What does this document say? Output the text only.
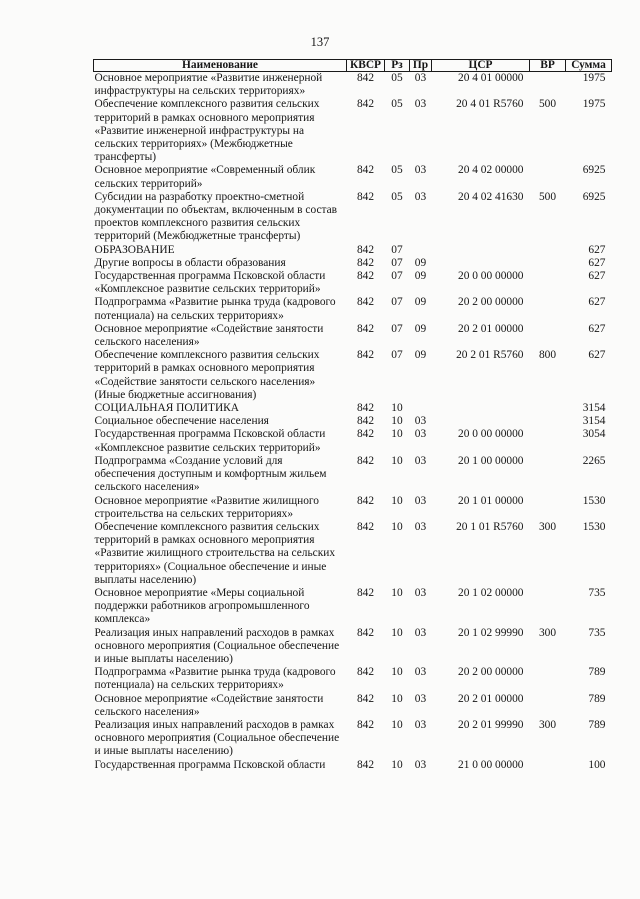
137
Наименование	КВСР	Рз	Пр	ЦСР	ВР	Сумма
Основное мероприятие «Развитие инженерной инфраструктуры на сельских территориях»	842	05	03	20 4 01 00000		1975
Обеспечение комплексного развития сельских территорий в рамках основного мероприятия «Развитие инженерной инфраструктуры на сельских территориях» (Межбюджетные трансферты)	842	05	03	20 4 01 R5760	500	1975
Основное мероприятие «Современный облик сельских территорий»	842	05	03	20 4 02 00000		6925
Субсидии на разработку проектно-сметной документации по объектам, включенным в состав проектов комплексного развития сельских территорий (Межбюджетные трансферты)	842	05	03	20 4 02 41630	500	6925
ОБРАЗОВАНИЕ	842	07				627
Другие вопросы в области образования	842	07	09			627
Государственная программа Псковской области «Комплексное развитие сельских территорий»	842	07	09	20 0 00 00000		627
Подпрограмма «Развитие рынка труда (кадрового потенциала) на сельских территориях»	842	07	09	20 2 00 00000		627
Основное мероприятие «Содействие занятости сельского населения»	842	07	09	20 2 01 00000		627
Обеспечение комплексного развития сельских территорий в рамках основного мероприятия «Содействие занятости сельского населения» (Иные бюджетные ассигнования)	842	07	09	20 2 01 R5760	800	627
СОЦИАЛЬНАЯ ПОЛИТИКА	842	10				3154
Социальное обеспечение населения	842	10	03			3154
Государственная программа Псковской области «Комплексное развитие сельских территорий»	842	10	03	20 0 00 00000		3054
Подпрограмма «Создание условий для обеспечения доступным и комфортным жильем сельского населения»	842	10	03	20 1 00 00000		2265
Основное мероприятие «Развитие жилищного строительства на сельских территориях»	842	10	03	20 1 01 00000		1530
Обеспечение комплексного развития сельских территорий в рамках основного мероприятия «Развитие жилищного строительства на сельских территориях» (Социальное обеспечение и иные выплаты населению)	842	10	03	20 1 01 R5760	300	1530
Основное мероприятие «Меры социальной поддержки работников агропромышленного комплекса»	842	10	03	20 1 02 00000		735
Реализация иных направлений расходов в рамках основного мероприятия (Социальное обеспечение и иные выплаты населению)	842	10	03	20 1 02 99990	300	735
Подпрограмма «Развитие рынка труда (кадрового потенциала) на сельских территориях»	842	10	03	20 2 00 00000		789
Основное мероприятие «Содействие занятости сельского населения»	842	10	03	20 2 01 00000		789
Реализация иных направлений расходов в рамках основного мероприятия (Социальное обеспечение и иные выплаты населению)	842	10	03	20 2 01 99990	300	789
Государственная программа Псковской области	842	10	03	21 0 00 00000		100
